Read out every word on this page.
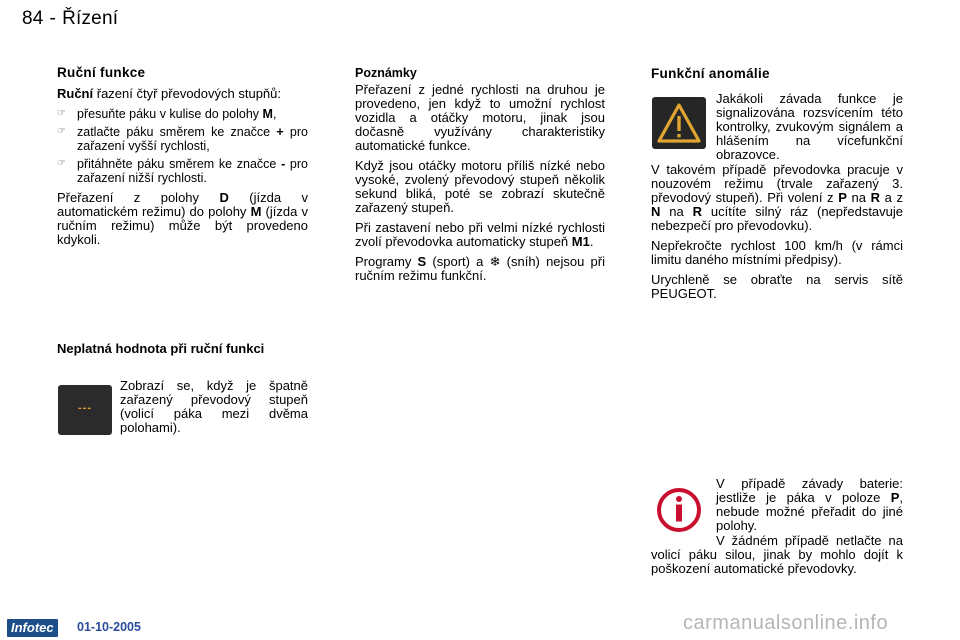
84 - Řízení
Ruční funkce

Ruční řazení čtyř převodových stupňů:

☞ přesuňte páku v kulise do polohy M,
☞ zatlačte páku směrem ke značce + pro zařazení vyšší rychlosti,
☞ přitáhněte páku směrem ke značce - pro zařazení nižší rychlosti.

Přeřazení z polohy D (jízda v automatickém režimu) do polohy M (jízda v ručním režimu) může být provedeno kdykoli.

Neplatná hodnota při ruční funkci
---
Zobrazí se, když je špatně zařazený převodový stupeň (volicí páka mezi dvěma polohami).
Poznámky

Přeřazení z jedné rychlosti na druhou je provedeno, jen když to umožní rychlost vozidla a otáčky motoru, jinak jsou dočasně využívány charakteristiky automatické funkce.

Když jsou otáčky motoru příliš nízké nebo vysoké, zvolený převodový stupeň několik sekund bliká, poté se zobrazí skutečně zařazený stupeň.

Při zastavení nebo při velmi nízké rychlosti zvolí převodovka automaticky stupeň M1.

Programy S (sport) a ❄ (sníh) nejsou při ručním režimu funkční.

Funkční anomálie
Jakákoli závada funkce je signalizována rozsvícením této kontrolky, zvukovým signálem a hlášením na vícefunkční obrazovce.

V takovém případě převodovka pracuje v nouzovém režimu (trvale zařazený 3. převodový stupeň). Při volení z P na R a z N na R ucítíte silný ráz (nepředstavuje nebezpečí pro převodovku).

Nepřekročte rychlost 100 km/h (v rámci limitu daného místními předpisy).

Urychleně se obraťte na servis sítě PEUGEOT.

V případě závady baterie: jestliže je páka v poloze P, nebude možné přeřadit do jiné polohy.
V žádném případě netlačte na volicí páku silou, jinak by mohlo dojít k poškození automatické převodovky.
Infotec	01-10-2005	carmanualsonline.info
